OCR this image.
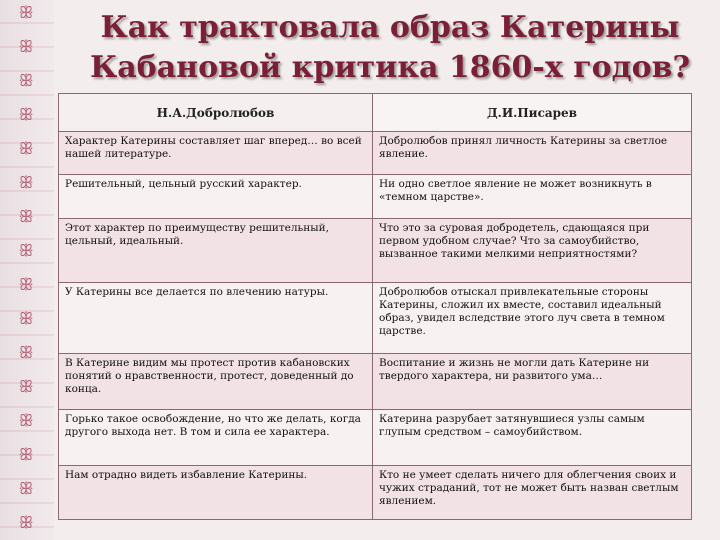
ꕥ
ꕥ
ꕥ
ꕥ
ꕥ
ꕥ
ꕥ
ꕥ
ꕥ
ꕥ
ꕥ
ꕥ
ꕥ
ꕥ
ꕥ
ꕥ
Как трактовала образ Катерины Кабановой критика 1860-х годов?
Н.А.Добролюбов	Д.И.Писарев
Характер Катерины составляет шаг вперед… во всей нашей литературе.	Добролюбов принял личность Катерины за светлое явление.
Решительный, цельный русский характер.	Ни одно светлое явление не может возникнуть в «темном царстве».
Этот характер по преимуществу решительный, цельный, идеальный.	Что это за суровая добродетель, сдающаяся при первом удобном случае? Что за самоубийство, вызванное такими мелкими неприятностями?
У Катерины все делается по влечению натуры.	Добролюбов отыскал привлекательные стороны Катерины, сложил их вместе, составил идеальный образ, увидел вследствие этого луч света в темном царстве.
В Катерине видим мы протест против кабановских понятий о нравственности, протест, доведенный до конца.	Воспитание и жизнь не могли дать Катерине ни твердого характера, ни развитого ума…
Горько такое освобождение, но что же делать, когда другого выхода нет. В том и сила ее характера.	Катерина разрубает затянувшиеся узлы самым глупым средством – самоубийством.
Нам отрадно видеть избавление Катерины.	Кто не умеет сделать ничего для облегчения своих и чужих страданий, тот не может быть назван светлым явлением.
